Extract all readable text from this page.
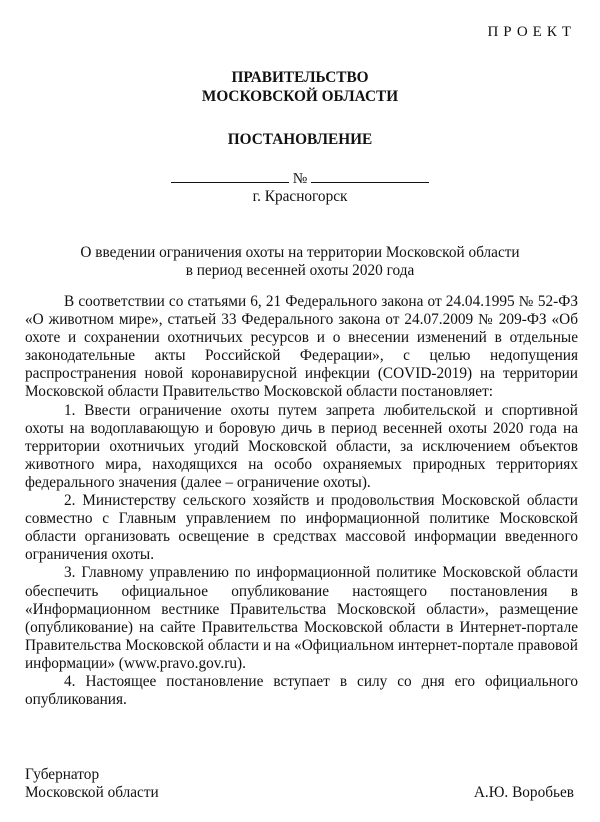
ПРОЕКТ
ПРАВИТЕЛЬСТВО
МОСКОВСКОЙ ОБЛАСТИ
ПОСТАНОВЛЕНИЕ
№
г. Красногорск
О введении ограничения охоты на территории Московской области
в период весенней охоты 2020 года

В соответствии со статьями 6, 21 Федерального закона от 24.04.1995 № 52-ФЗ «О животном мире», статьей 33 Федерального закона от 24.07.2009 № 209-ФЗ «Об охоте и сохранении охотничьих ресурсов и о внесении изменений в отдельные законодательные акты Российской Федерации», с целью недопущения распространения новой коронавирусной инфекции (COVID-2019) на территории Московской области Правительство Московской области постановляет:

1. Ввести ограничение охоты путем запрета любительской и спортивной охоты на водоплавающую и боровую дичь в период весенней охоты 2020 года на территории охотничьих угодий Московской области, за исключением объектов животного мира, находящихся на особо охраняемых природных территориях федерального значения (далее – ограничение охоты).

2. Министерству сельского хозяйств и продовольствия Московской области совместно с Главным управлением по информационной политике Московской области организовать освещение в средствах массовой информации введенного ограничения охоты.

3. Главному управлению по информационной политике Московской области обеспечить официальное опубликование настоящего постановления в «Информационном вестнике Правительства Московской области», размещение (опубликование) на сайте Правительства Московской области в Интернет-портале Правительства Московской области и на «Официальном интернет-портале правовой информации» (www.pravo.gov.ru).

4. Настоящее постановление вступает в силу со дня его официального опубликования.

Губернатор
Московской области	А.Ю. Воробьев
